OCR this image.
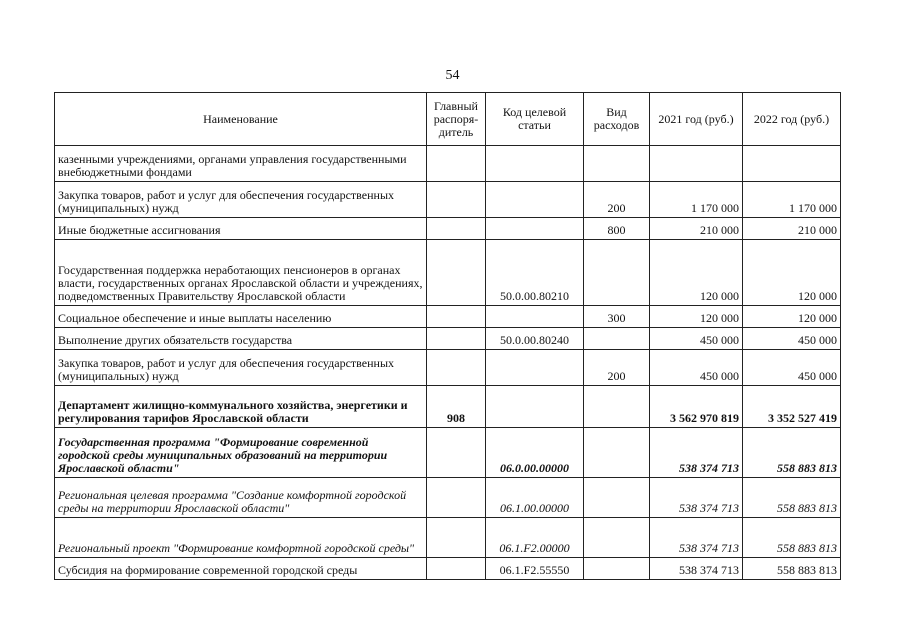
54
Наименование	Главный распоря-дитель	Код целевой статьи	Вид расходов	2021 год (руб.)	2022 год (руб.)
казенными учреждениями, органами управления государственными внебюджетными фондами					
Закупка товаров, работ и услуг для обеспечения государственных (муниципальных) нужд			200	1 170 000	1 170 000
Иные бюджетные ассигнования			800	210 000	210 000
Государственная поддержка неработающих пенсионеров в органах власти, государственных органах Ярославской области и учреждениях, подведомственных Правительству Ярославской области		50.0.00.80210		120 000	120 000
Социальное обеспечение и иные выплаты населению			300	120 000	120 000
Выполнение других обязательств государства		50.0.00.80240		450 000	450 000
Закупка товаров, работ и услуг для обеспечения государственных (муниципальных) нужд			200	450 000	450 000
Департамент жилищно-коммунального хозяйства, энергетики и регулирования тарифов Ярославской области	908			3 562 970 819	3 352 527 419
Государственная программа "Формирование современной городской среды муниципальных образований на территории Ярославской области"		06.0.00.00000		538 374 713	558 883 813
Региональная целевая программа "Создание комфортной городской среды на территории Ярославской области"		06.1.00.00000		538 374 713	558 883 813
Региональный проект "Формирование комфортной городской среды"		06.1.F2.00000		538 374 713	558 883 813
Субсидия на формирование современной городской среды		06.1.F2.55550		538 374 713	558 883 813
